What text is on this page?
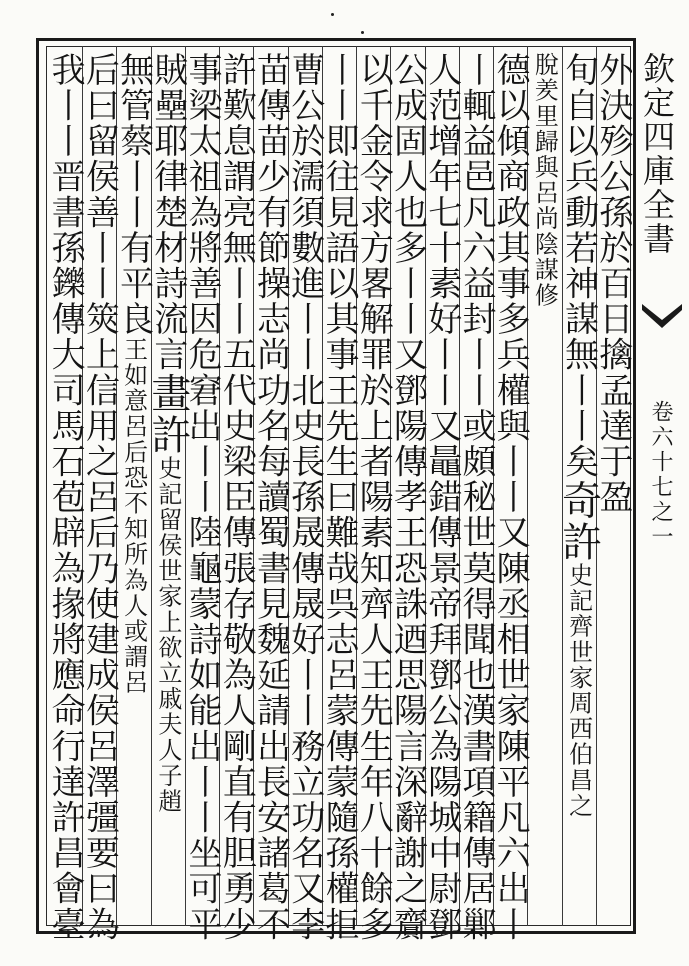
外決殄公孫於百日擒孟達于盈
旬自以兵動若神謀無丨丨矣奇許史記齊世家周西伯昌之
脫羑里歸與呂尚陰謀修
德以傾商政其事多兵權與丨丨又陳丞相世家陳平凡六出丨
丨輒益邑凡六益封丨丨或頗秘世莫得聞也漢書項籍傳居鄛
人范增年七十素好丨丨又鼂錯傳景帝拜鄧公為陽城中尉鄧
公成固人也多丨丨又鄧陽傳孝王恐誅迺思陽言深辭謝之齎
以千金令求方畧解罪於上者陽素知齊人王先生年八十餘多
丨丨即往見語以其事王先生曰難哉呉志呂蒙傳蒙隨孫權拒
曹公於濡須數進丨丨北史長孫晟傳晟好丨丨務立功名又李
苗傳苗少有節操志尚功名每讀蜀書見魏延請出長安諸葛不
許歎息謂亮無丨丨五代史梁臣傳張存敬為人剛直有胆勇少
事梁太祖為將善因危窘出丨丨陸龜蒙詩如能出丨丨坐可平
賊壘耶律楚材詩流言畫許史記留侯世家上欲立戚夫人子趙
無管蔡丨丨有平良王如意呂后恐不知所為人或謂呂
后曰留侯善丨丨筴上信用之呂后乃使建成侯呂澤彊要曰為
我丨丨晋書孫鑠傳大司馬石苞辟為掾將應命行達許昌會臺	欽定四庫全書
卷六十七之一
